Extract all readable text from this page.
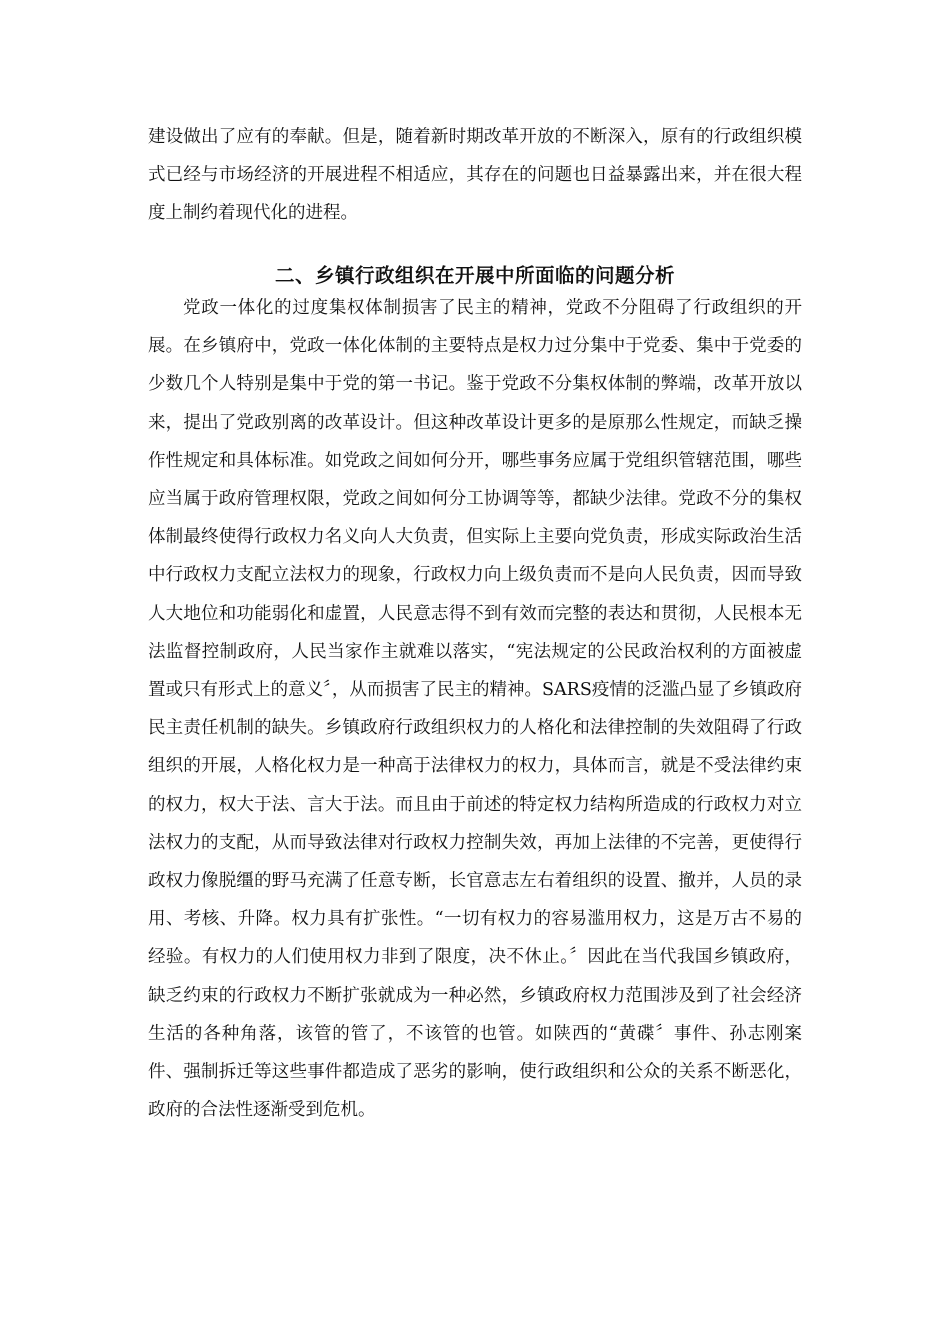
建设做出了应有的奉献。但是，随着新时期改革开放的不断深入，原有的行政组织模式已经与市场经济的开展进程不相适应，其存在的问题也日益暴露出来，并在很大程度上制约着现代化的进程。

二、乡镇行政组织在开展中所面临的问题分析

党政一体化的过度集权体制损害了民主的精神，党政不分阻碍了行政组织的开展。在乡镇府中，党政一体化体制的主要特点是权力过分集中于党委、集中于党委的少数几个人特别是集中于党的第一书记。鉴于党政不分集权体制的弊端，改革开放以来，提出了党政别离的改革设计。但这种改革设计更多的是原那么性规定，而缺乏操作性规定和具体标准。如党政之间如何分开，哪些事务应属于党组织管辖范围，哪些应当属于政府管理权限，党政之间如何分工协调等等，都缺少法律。党政不分的集权体制最终使得行政权力名义向人大负责，但实际上主要向党负责，形成实际政治生活中行政权力支配立法权力的现象，行政权力向上级负责而不是向人民负责，因而导致人大地位和功能弱化和虚置，人民意志得不到有效而完整的表达和贯彻，人民根本无法监督控制政府，人民当家作主就难以落实，“宪法规定的公民政治权利的方面被虚置或只有形式上的意义〞，从而损害了民主的精神。SARS疫情的泛滥凸显了乡镇政府民主责任机制的缺失。乡镇政府行政组织权力的人格化和法律控制的失效阻碍了行政组织的开展，人格化权力是一种高于法律权力的权力，具体而言，就是不受法律约束的权力，权大于法、言大于法。而且由于前述的特定权力结构所造成的行政权力对立法权力的支配，从而导致法律对行政权力控制失效，再加上法律的不完善，更使得行政权力像脱缰的野马充满了任意专断，长官意志左右着组织的设置、撤并，人员的录用、考核、升降。权力具有扩张性。“一切有权力的容易滥用权力，这是万古不易的经验。有权力的人们使用权力非到了限度，决不休止。〞因此在当代我国乡镇政府，缺乏约束的行政权力不断扩张就成为一种必然，乡镇政府权力范围涉及到了社会经济生活的各种角落，该管的管了，不该管的也管。如陕西的“黄碟〞事件、孙志刚案件、强制拆迁等这些事件都造成了恶劣的影响，使行政组织和公众的关系不断恶化，政府的合法性逐渐受到危机。
